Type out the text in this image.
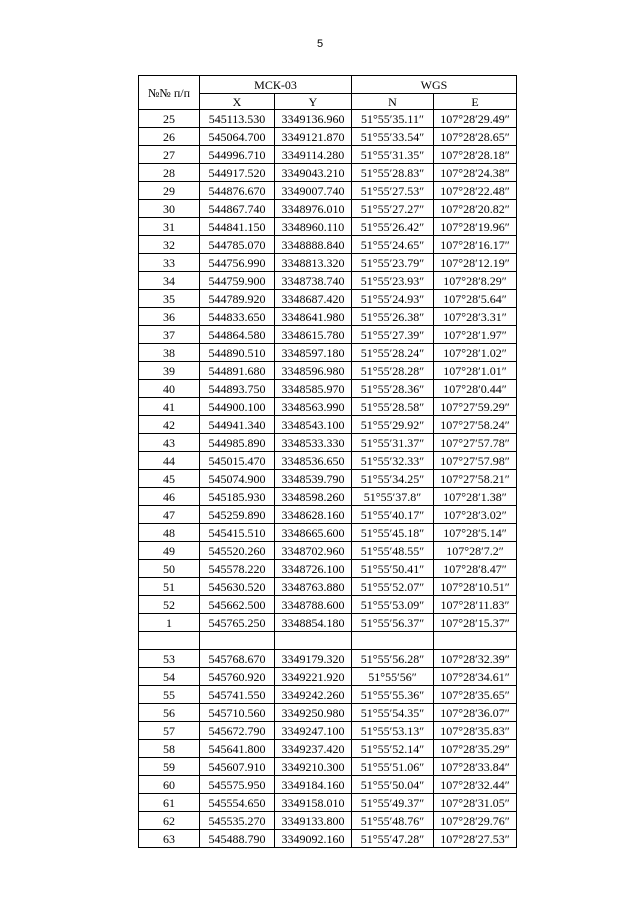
5
№№ п/п	МСК-03		WGS	
	X	Y	N	E
25	545113.530	3349136.960	51°55′35.11″	107°28′29.49″
26	545064.700	3349121.870	51°55′33.54″	107°28′28.65″
27	544996.710	3349114.280	51°55′31.35″	107°28′28.18″
28	544917.520	3349043.210	51°55′28.83″	107°28′24.38″
29	544876.670	3349007.740	51°55′27.53″	107°28′22.48″
30	544867.740	3348976.010	51°55′27.27″	107°28′20.82″
31	544841.150	3348960.110	51°55′26.42″	107°28′19.96″
32	544785.070	3348888.840	51°55′24.65″	107°28′16.17″
33	544756.990	3348813.320	51°55′23.79″	107°28′12.19″
34	544759.900	3348738.740	51°55′23.93″	107°28′8.29″
35	544789.920	3348687.420	51°55′24.93″	107°28′5.64″
36	544833.650	3348641.980	51°55′26.38″	107°28′3.31″
37	544864.580	3348615.780	51°55′27.39″	107°28′1.97″
38	544890.510	3348597.180	51°55′28.24″	107°28′1.02″
39	544891.680	3348596.980	51°55′28.28″	107°28′1.01″
40	544893.750	3348585.970	51°55′28.36″	107°28′0.44″
41	544900.100	3348563.990	51°55′28.58″	107°27′59.29″
42	544941.340	3348543.100	51°55′29.92″	107°27′58.24″
43	544985.890	3348533.330	51°55′31.37″	107°27′57.78″
44	545015.470	3348536.650	51°55′32.33″	107°27′57.98″
45	545074.900	3348539.790	51°55′34.25″	107°27′58.21″
46	545185.930	3348598.260	51°55′37.8″	107°28′1.38″
47	545259.890	3348628.160	51°55′40.17″	107°28′3.02″
48	545415.510	3348665.600	51°55′45.18″	107°28′5.14″
49	545520.260	3348702.960	51°55′48.55″	107°28′7.2″
50	545578.220	3348726.100	51°55′50.41″	107°28′8.47″
51	545630.520	3348763.880	51°55′52.07″	107°28′10.51″
52	545662.500	3348788.600	51°55′53.09″	107°28′11.83″
1	545765.250	3348854.180	51°55′56.37″	107°28′15.37″

53	545768.670	3349179.320	51°55′56.28″	107°28′32.39″
54	545760.920	3349221.920	51°55′56″	107°28′34.61″
55	545741.550	3349242.260	51°55′55.36″	107°28′35.65″
56	545710.560	3349250.980	51°55′54.35″	107°28′36.07″
57	545672.790	3349247.100	51°55′53.13″	107°28′35.83″
58	545641.800	3349237.420	51°55′52.14″	107°28′35.29″
59	545607.910	3349210.300	51°55′51.06″	107°28′33.84″
60	545575.950	3349184.160	51°55′50.04″	107°28′32.44″
61	545554.650	3349158.010	51°55′49.37″	107°28′31.05″
62	545535.270	3349133.800	51°55′48.76″	107°28′29.76″
63	545488.790	3349092.160	51°55′47.28″	107°28′27.53″
